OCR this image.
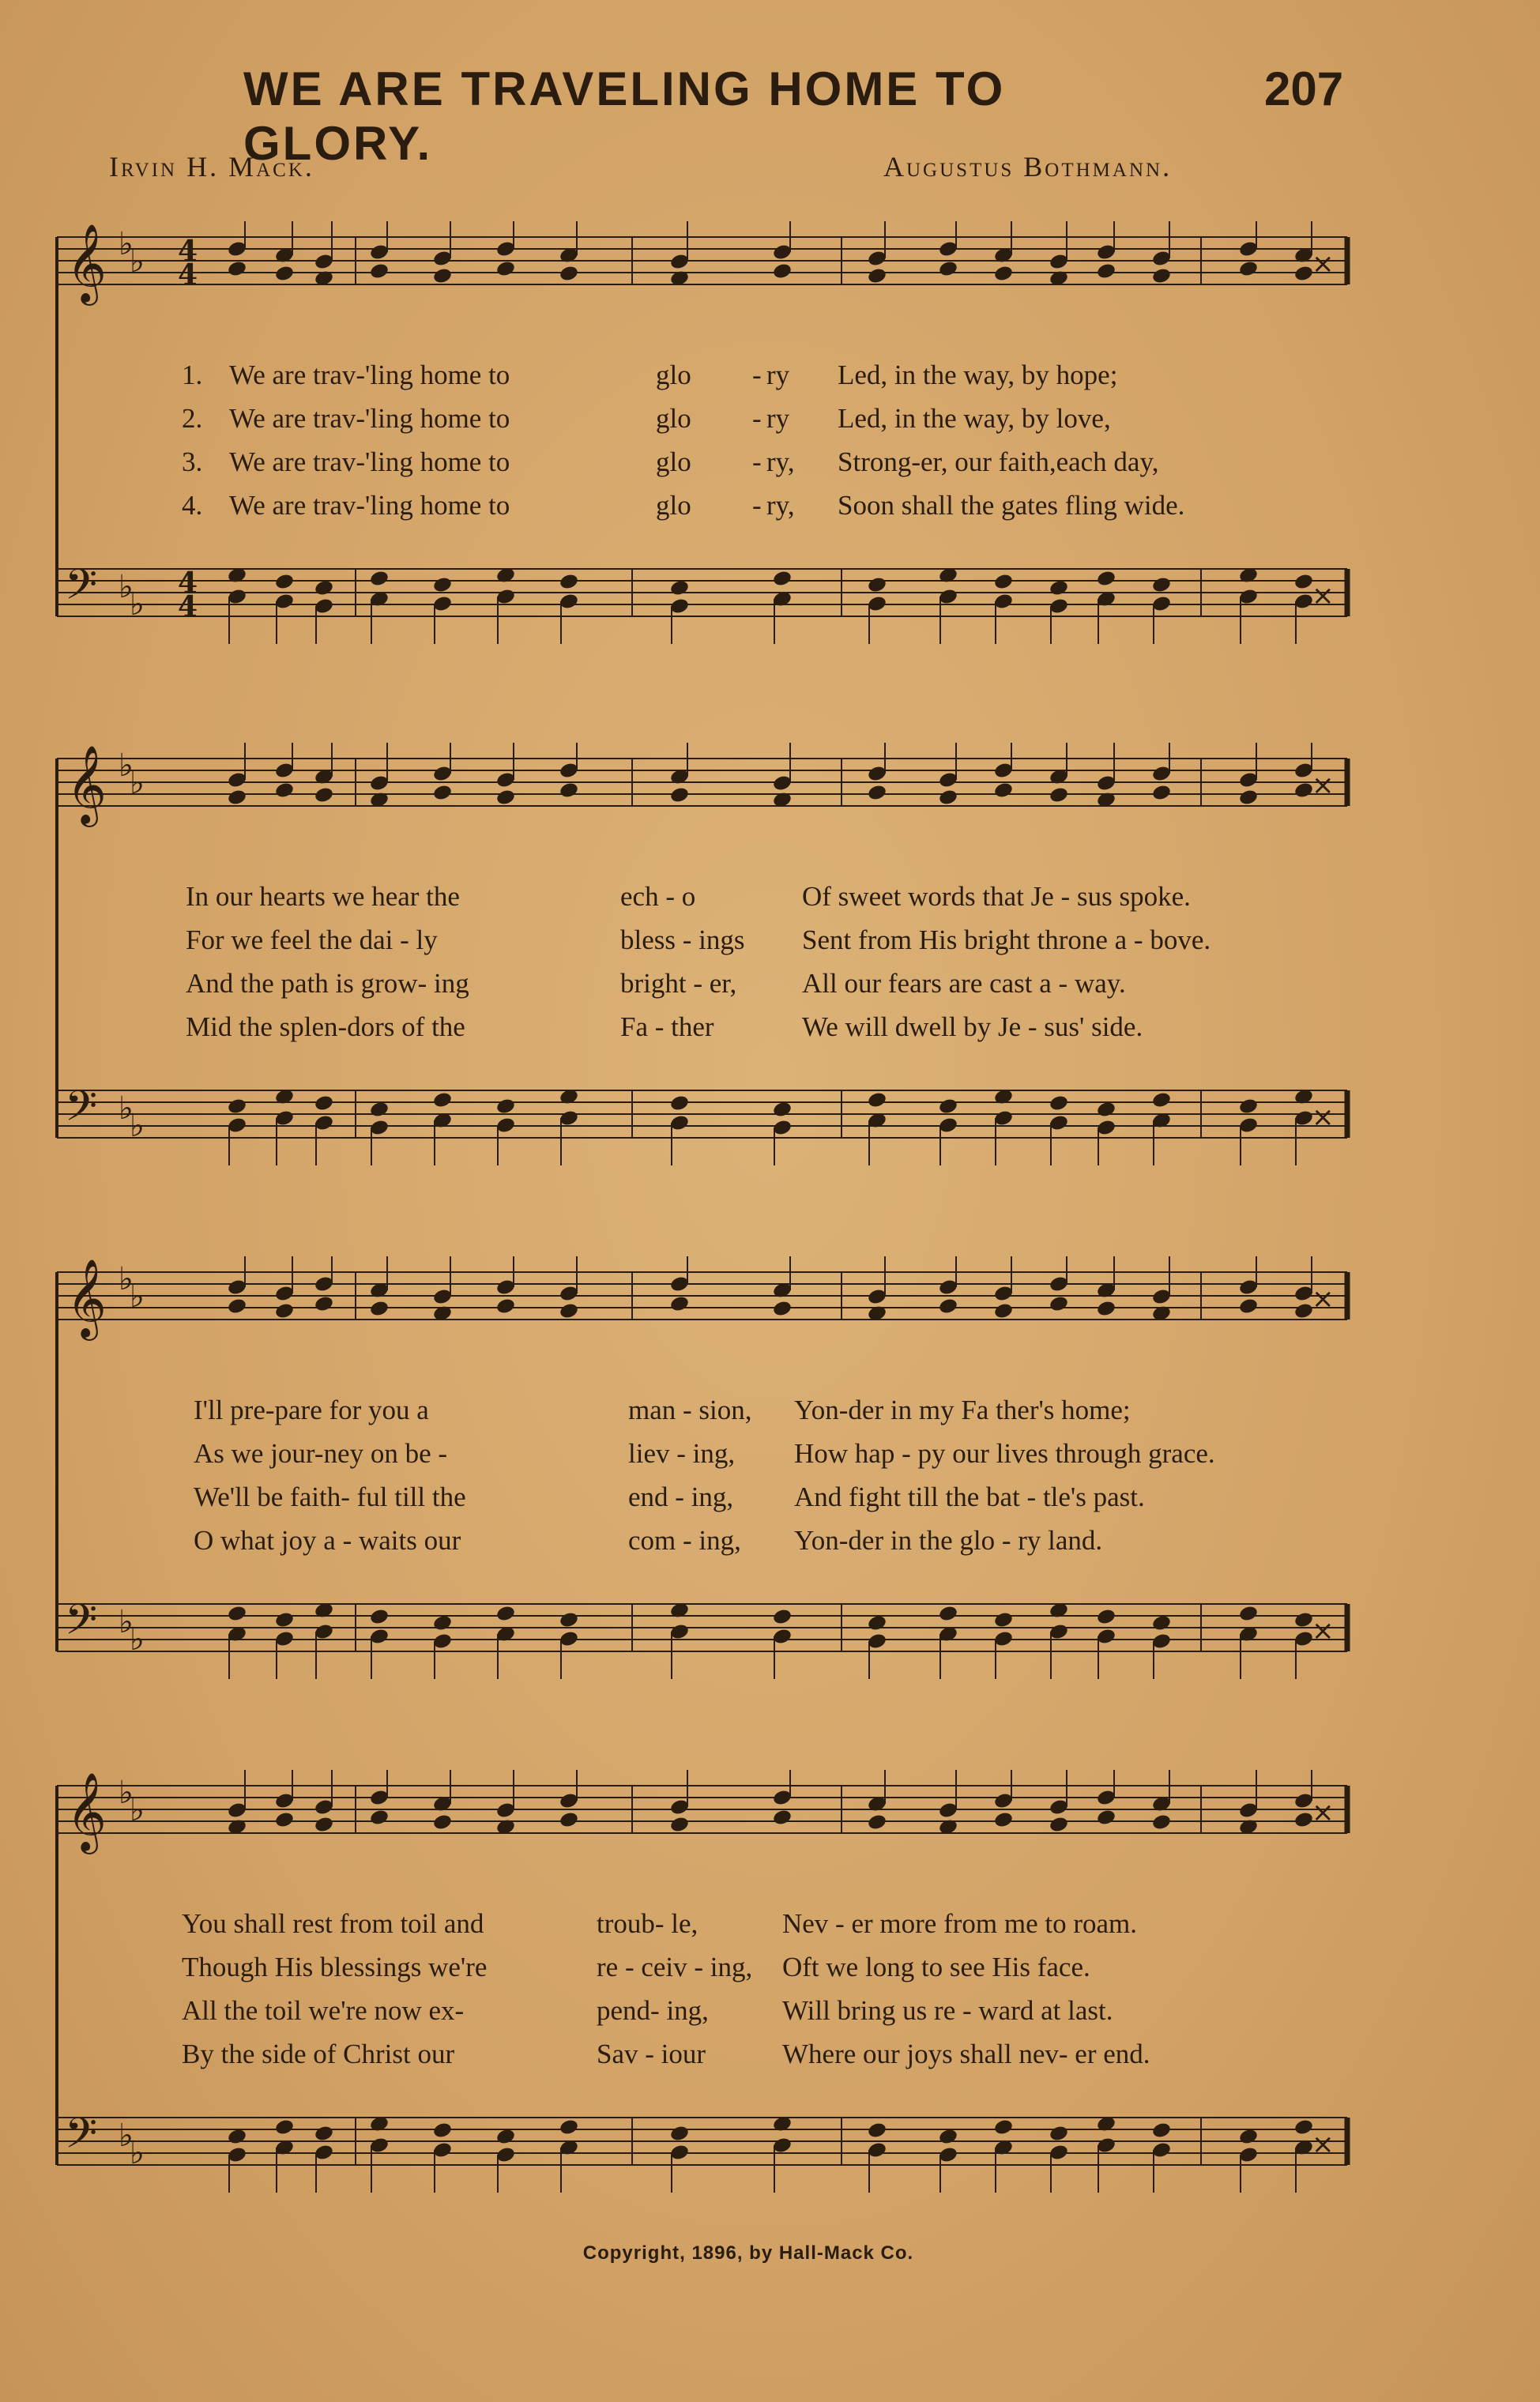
WE ARE TRAVELING HOME TO GLORY.
207
Irvin H. Mack.	Augustus Bothmann.
𝄞
𝄢
♭
♭
♭
♭
4
4
4
4
×
×
𝄞
𝄢
♭
♭
♭
♭
×
×
𝄞
𝄢
♭
♭
♭
♭
×
×
𝄞
𝄢
♭
♭
♭
♭
×
×
Copyright, 1896, by Hall-Mack Co.
1. We are trav-'ling home to	glo - ry Led, in the way, by hope;
2. We are trav-'ling home to	glo - ry Led, in the way, by love,
3. We are trav-'ling home to	glo - ry, Strong-er, our faith,each day,
4. We are trav-'ling home to	glo - ry, Soon shall the gates fling wide.
In our hearts we hear the	ech - o	Of sweet words that Je - sus spoke.
For we feel the dai - ly	bless - ings Sent from His bright throne a - bove.
And the path is grow- ing	bright - er, All our fears are cast a - way.
Mid the splen-dors of the	Fa - ther	We will dwell by Je - sus' side.
I'll pre-pare for you a	man - sion, Yon-der in my Fa ther's home;
As we jour-ney on be -	liev - ing, How hap - py our lives through grace.
We'll be faith- ful till the	end - ing, And fight till the bat - tle's past.
O what joy a - waits our	com - ing, Yon-der in the glo - ry land.
You shall rest from toil and	troub- le,	Nev - er more from me to roam.
Though His blessings we're	re - ceiv - ing, Oft we long to see His face.
All the toil we're now ex-	pend- ing,	Will bring us re - ward at last.
By the side of Christ our	Sav - iour	Where our joys shall nev- er end.
